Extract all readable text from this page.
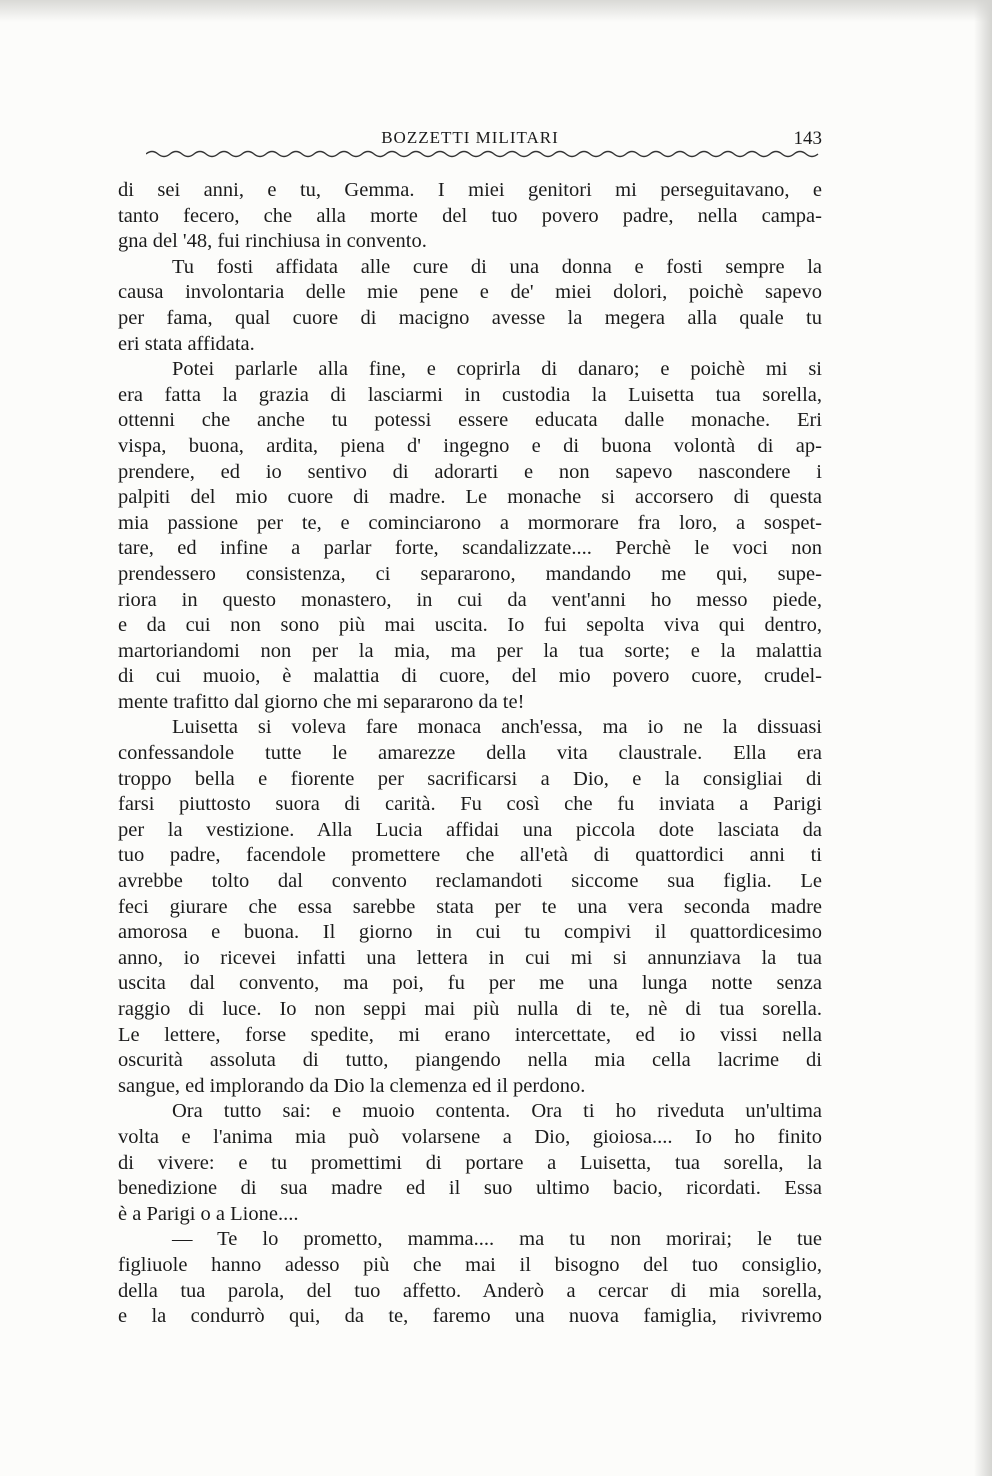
BOZZETTI MILITARI	143
di sei anni, e tu, Gemma. I miei genitori mi perseguitavano, e
tanto fecero, che alla morte del tuo povero padre, nella campa-
gna del '48, fui rinchiusa in convento.
Tu fosti affidata alle cure di una donna e fosti sempre la
causa involontaria delle mie pene e de' miei dolori, poichè sapevo
per fama, qual cuore di macigno avesse la megera alla quale tu
eri stata affidata.
Potei parlarle alla fine, e coprirla di danaro; e poichè mi si
era fatta la grazia di lasciarmi in custodia la Luisetta tua sorella,
ottenni che anche tu potessi essere educata dalle monache. Eri
vispa, buona, ardita, piena d' ingegno e di buona volontà di ap-
prendere, ed io sentivo di adorarti e non sapevo nascondere i
palpiti del mio cuore di madre. Le monache si accorsero di questa
mia passione per te, e cominciarono a mormorare fra loro, a sospet-
tare, ed infine a parlar forte, scandalizzate.... Perchè le voci non
prendessero consistenza, ci separarono, mandando me qui, supe-
riora in questo monastero, in cui da vent'anni ho messo piede,
e da cui non sono più mai uscita. Io fui sepolta viva qui dentro,
martoriandomi non per la mia, ma per la tua sorte; e la malattia
di cui muoio, è malattia di cuore, del mio povero cuore, crudel-
mente trafitto dal giorno che mi separarono da te!
Luisetta si voleva fare monaca anch'essa, ma io ne la dissuasi
confessandole tutte le amarezze della vita claustrale. Ella era
troppo bella e fiorente per sacrificarsi a Dio, e la consigliai di
farsi piuttosto suora di carità. Fu così che fu inviata a Parigi
per la vestizione. Alla Lucia affidai una piccola dote lasciata da
tuo padre, facendole promettere che all'età di quattordici anni ti
avrebbe tolto dal convento reclamandoti siccome sua figlia. Le
feci giurare che essa sarebbe stata per te una vera seconda madre
amorosa e buona. Il giorno in cui tu compivi il quattordicesimo
anno, io ricevei infatti una lettera in cui mi si annunziava la tua
uscita dal convento, ma poi, fu per me una lunga notte senza
raggio di luce. Io non seppi mai più nulla di te, nè di tua sorella.
Le lettere, forse spedite, mi erano intercettate, ed io vissi nella
oscurità assoluta di tutto, piangendo nella mia cella lacrime di
sangue, ed implorando da Dio la clemenza ed il perdono.
Ora tutto sai: e muoio contenta. Ora ti ho riveduta un'ultima
volta e l'anima mia può volarsene a Dio, gioiosa.... Io ho finito
di vivere: e tu promettimi di portare a Luisetta, tua sorella, la
benedizione di sua madre ed il suo ultimo bacio, ricordati. Essa
è a Parigi o a Lione....
— Te lo prometto, mamma.... ma tu non morirai; le tue
figliuole hanno adesso più che mai il bisogno del tuo consiglio,
della tua parola, del tuo affetto. Anderò a cercar di mia sorella,
e la condurrò qui, da te, faremo una nuova famiglia, rivivremo
